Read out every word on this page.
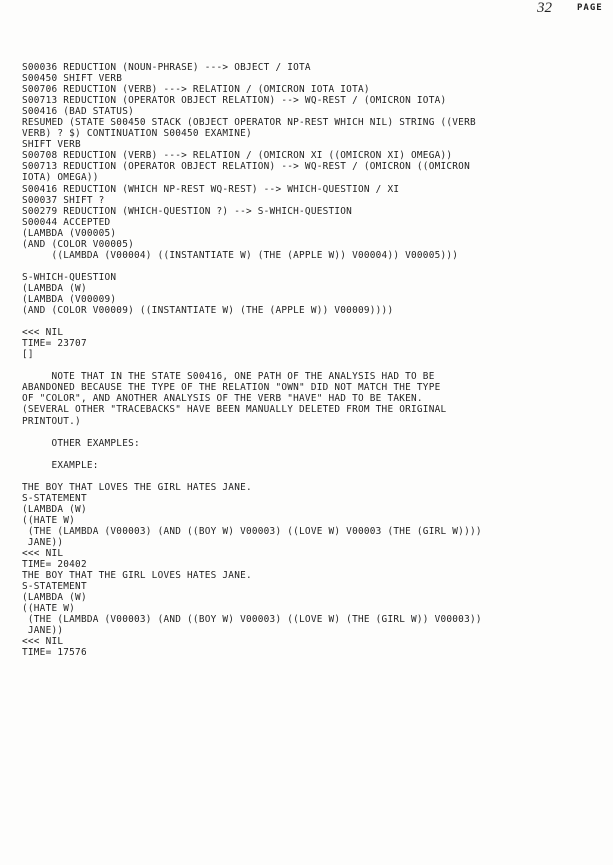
32	PAGE
S00036 REDUCTION (NOUN-PHRASE) ---> OBJECT / IOTA
S00450 SHIFT VERB
S00706 REDUCTION (VERB) ---> RELATION / (OMICRON IOTA IOTA)
S00713 REDUCTION (OPERATOR OBJECT RELATION) --> WQ-REST / (OMICRON IOTA)
S00416 (BAD STATUS)
RESUMED (STATE S00450 STACK (OBJECT OPERATOR NP-REST WHICH NIL) STRING ((VERB
VERB) ? $) CONTINUATION S00450 EXAMINE)
SHIFT VERB
S00708 REDUCTION (VERB) ---> RELATION / (OMICRON XI ((OMICRON XI) OMEGA))
S00713 REDUCTION (OPERATOR OBJECT RELATION) --> WQ-REST / (OMICRON ((OMICRON
IOTA) OMEGA))
S00416 REDUCTION (WHICH NP-REST WQ-REST) --> WHICH-QUESTION / XI
S00037 SHIFT ?
S00279 REDUCTION (WHICH-QUESTION ?) --> S-WHICH-QUESTION
S00044 ACCEPTED
(LAMBDA (V00005)
(AND (COLOR V00005)
((LAMBDA (V00004) ((INSTANTIATE W) (THE (APPLE W)) V00004)) V00005)))

S-WHICH-QUESTION
(LAMBDA (W)
(LAMBDA (V00009)
(AND (COLOR V00009) ((INSTANTIATE W) (THE (APPLE W)) V00009))))

<<< NIL
TIME= 23707
[]

NOTE THAT IN THE STATE S00416, ONE PATH OF THE ANALYSIS HAD TO BE
ABANDONED BECAUSE THE TYPE OF THE RELATION "OWN" DID NOT MATCH THE TYPE
OF "COLOR", AND ANOTHER ANALYSIS OF THE VERB "HAVE" HAD TO BE TAKEN.
(SEVERAL OTHER "TRACEBACKS" HAVE BEEN MANUALLY DELETED FROM THE ORIGINAL
PRINTOUT.)

OTHER EXAMPLES:

EXAMPLE:

THE BOY THAT LOVES THE GIRL HATES JANE.
S-STATEMENT
(LAMBDA (W)
((HATE W)
(THE (LAMBDA (V00003) (AND ((BOY W) V00003) ((LOVE W) V00003 (THE (GIRL W))))
JANE))
<<< NIL
TIME= 20402
THE BOY THAT THE GIRL LOVES HATES JANE.
S-STATEMENT
(LAMBDA (W)
((HATE W)
(THE (LAMBDA (V00003) (AND ((BOY W) V00003) ((LOVE W) (THE (GIRL W)) V00003))
JANE))
<<< NIL
TIME= 17576
